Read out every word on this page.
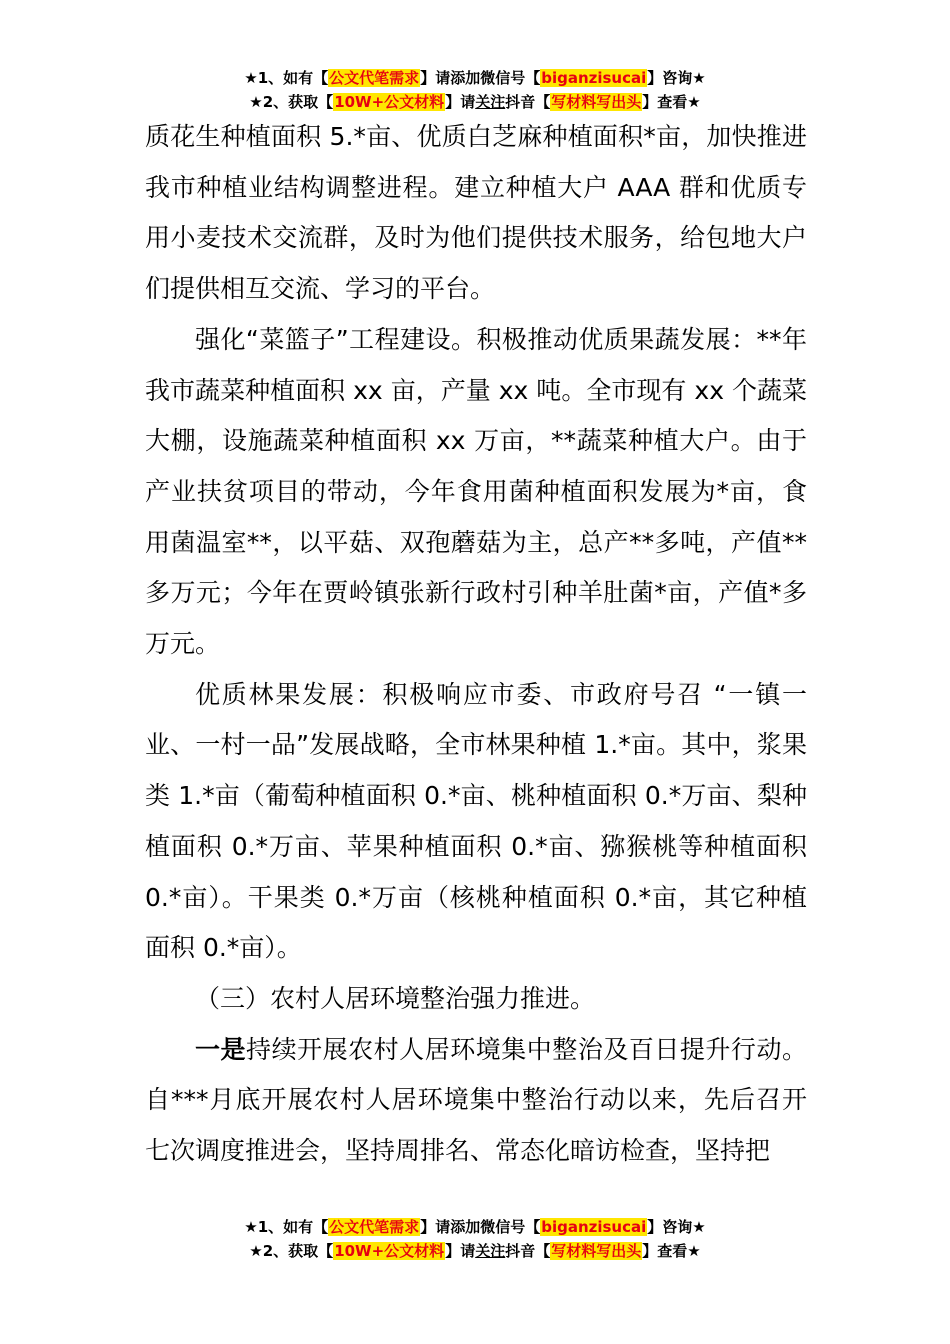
★1、如有【公文代笔需求】请添加微信号【biganzisucai】咨询★
★2、获取【10W+公文材料】请关注抖音【写材料写出头】查看★

质花生种植面积 5.*亩、优质白芝麻种植面积*亩，加快推进我市种植业结构调整进程。建立种植大户 AAA 群和优质专用小麦技术交流群，及时为他们提供技术服务，给包地大户们提供相互交流、学习的平台。

强化“菜篮子”工程建设。积极推动优质果蔬发展：**年我市蔬菜种植面积 xx 亩，产量 xx 吨。全市现有 xx 个蔬菜大棚，设施蔬菜种植面积 xx 万亩，**蔬菜种植大户。由于产业扶贫项目的带动，今年食用菌种植面积发展为*亩，食用菌温室**，以平菇、双孢蘑菇为主，总产**多吨，产值**多万元；今年在贾岭镇张新行政村引种羊肚菌*亩，产值*多万元。

优质林果发展：积极响应市委、市政府号召 “一镇一业、一村一品”发展战略，全市林果种植 1.*亩。其中，浆果类 1.*亩（葡萄种植面积 0.*亩、桃种植面积 0.*万亩、梨种植面积 0.*万亩、苹果种植面积 0.*亩、猕猴桃等种植面积 0.*亩）。干果类 0.*万亩（核桃种植面积 0.*亩，其它种植面积 0.*亩）。

（三）农村人居环境整治强力推进。

一是持续开展农村人居环境集中整治及百日提升行动。自***月底开展农村人居环境集中整治行动以来，先后召开七次调度推进会，坚持周排名、常态化暗访检查，坚持把

★1、如有【公文代笔需求】请添加微信号【biganzisucai】咨询★
★2、获取【10W+公文材料】请关注抖音【写材料写出头】查看★
